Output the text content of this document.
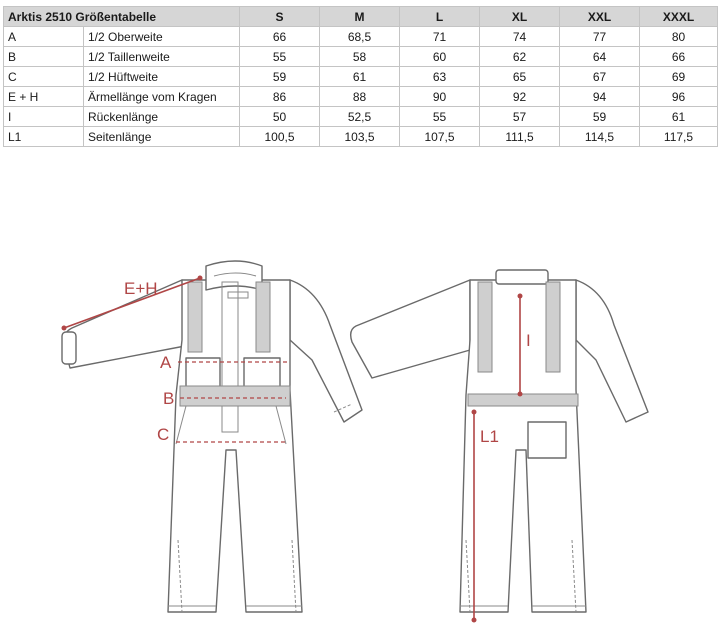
Arktis 2510 Größentabelle		S	M	L	XL	XXL	XXXL
A	1/2 Oberweite	66	68,5	71	74	77	80
B	1/2 Taillenweite	55	58	60	62	64	66
C	1/2 Hüftweite	59	61	63	65	67	69
E + H	Ärmellänge vom Kragen	86	88	90	92	94	96
I	Rückenlänge	50	52,5	55	57	59	61
L1	Seitenlänge	100,5	103,5	107,5	111,5	114,5	117,5
E+H
A
B
C
I
L1
